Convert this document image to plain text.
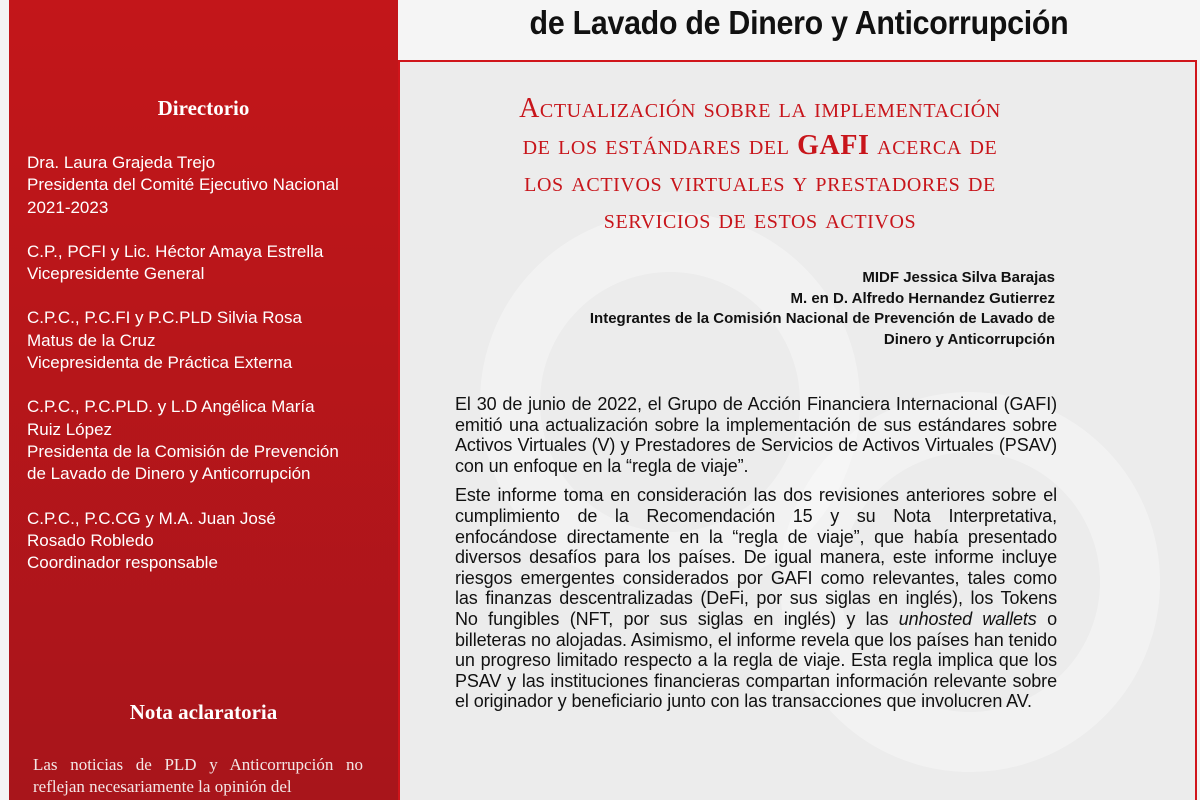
Directorio
Dra. Laura Grajeda Trejo
Presidenta del Comité Ejecutivo Nacional
2021-2023
C.P., PCFI y Lic. Héctor Amaya Estrella
Vicepresidente General
C.P.C., P.C.FI y P.C.PLD Silvia Rosa
Matus de la Cruz
Vicepresidenta de Práctica Externa
C.P.C., P.C.PLD. y L.D Angélica María
Ruiz López
Presidenta de la Comisión de Prevención
de Lavado de Dinero y Anticorrupción
C.P.C., P.C.CG y M.A. Juan José
Rosado Robledo
Coordinador responsable
Nota aclaratoria
Las noticias de PLD y Anticorrupción no reflejan necesariamente la opinión del
de Lavado de Dinero y Anticorrupción
Actualización sobre la implementación
de los estándares del GAFI acerca de
los activos virtuales y prestadores de
servicios de estos activos
MIDF Jessica Silva Barajas
M. en D. Alfredo Hernandez Gutierrez
Integrantes de la Comisión Nacional de Prevención de Lavado de
Dinero y Anticorrupción

El 30 de junio de 2022, el Grupo de Acción Financiera Internacional (GAFI) emitió una actualización sobre la implementación de sus estándares sobre Activos Virtuales (V) y Prestadores de Servicios de Activos Virtuales (PSAV) con un enfoque en la “regla de viaje”.

Este informe toma en consideración las dos revisiones anteriores sobre el cumplimiento de la Recomendación 15 y su Nota Interpretativa, enfocándose directamente en la “regla de viaje”, que había presentado diversos desafíos para los países. De igual manera, este informe incluye riesgos emergentes considerados por GAFI como relevantes, tales como las finanzas descentralizadas (DeFi, por sus siglas en inglés), los Tokens No fungibles (NFT, por sus siglas en inglés) y las unhosted wallets o billeteras no alojadas. Asimismo, el informe revela que los países han tenido un progreso limitado respecto a la regla de viaje. Esta regla implica que los PSAV y las instituciones financieras compartan información relevante sobre el originador y beneficiario junto con las transacciones que involucren AV.
